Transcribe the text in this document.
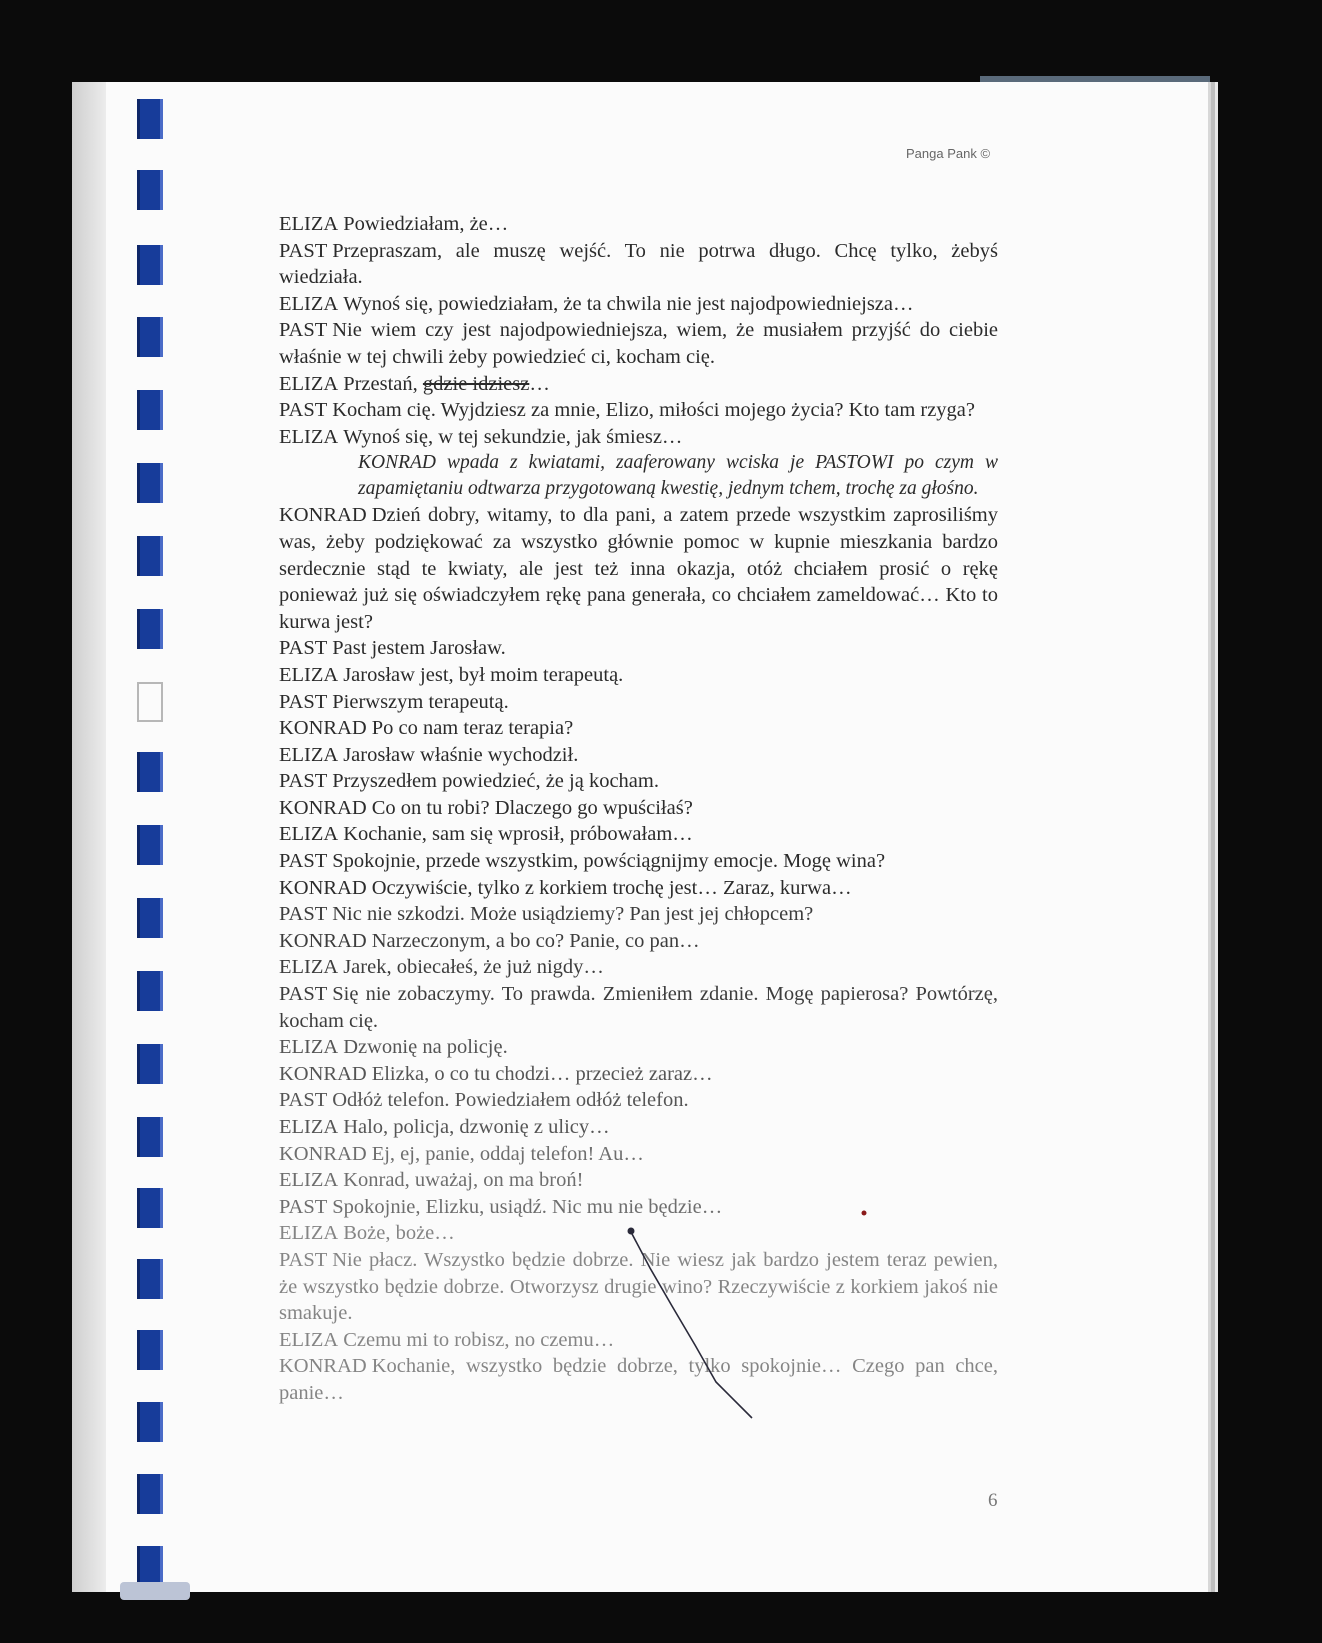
Panga Pank ©
ELIZA Powiedziałam, że…
PAST Przepraszam, ale muszę wejść. To nie potrwa długo. Chcę tylko, żebyś wiedziała.
ELIZA Wynoś się, powiedziałam, że ta chwila nie jest najodpowiedniejsza…
PAST Nie wiem czy jest najodpowiedniejsza, wiem, że musiałem przyjść do ciebie właśnie w tej chwili żeby powiedzieć ci, kocham cię.
ELIZA Przestań, gdzie idziesz…
PAST Kocham cię. Wyjdziesz za mnie, Elizo, miłości mojego życia? Kto tam rzyga?
ELIZA Wynoś się, w tej sekundzie, jak śmiesz…
KONRAD wpada z kwiatami, zaaferowany wciska je PASTOWI po czym w zapamiętaniu odtwarza przygotowaną kwestię, jednym tchem, trochę za głośno.
KONRAD Dzień dobry, witamy, to dla pani, a zatem przede wszystkim zaprosiliśmy was, żeby podziękować za wszystko głównie pomoc w kupnie mieszkania bardzo serdecznie stąd te kwiaty, ale jest też inna okazja, otóż chciałem prosić o rękę ponieważ już się oświadczyłem rękę pana generała, co chciałem zameldować… Kto to kurwa jest?
PAST Past jestem Jarosław.
ELIZA Jarosław jest, był moim terapeutą.
PAST Pierwszym terapeutą.
KONRAD Po co nam teraz terapia?
ELIZA Jarosław właśnie wychodził.
PAST Przyszedłem powiedzieć, że ją kocham.
KONRAD Co on tu robi? Dlaczego go wpuściłaś?
ELIZA Kochanie, sam się wprosił, próbowałam…
PAST Spokojnie, przede wszystkim, powściągnijmy emocje. Mogę wina?
KONRAD Oczywiście, tylko z korkiem trochę jest… Zaraz, kurwa…
PAST Nic nie szkodzi. Może usiądziemy? Pan jest jej chłopcem?
KONRAD Narzeczonym, a bo co? Panie, co pan…
ELIZA Jarek, obiecałeś, że już nigdy…
PAST Się nie zobaczymy. To prawda. Zmieniłem zdanie. Mogę papierosa? Powtórzę, kocham cię.
ELIZA Dzwonię na policję.
KONRAD Elizka, o co tu chodzi… przecież zaraz…
PAST Odłóż telefon. Powiedziałem odłóż telefon.
ELIZA Halo, policja, dzwonię z ulicy…
KONRAD Ej, ej, panie, oddaj telefon! Au…
ELIZA Konrad, uważaj, on ma broń!
PAST Spokojnie, Elizku, usiądź. Nic mu nie będzie…
ELIZA Boże, boże…
PAST Nie płacz. Wszystko będzie dobrze. Nie wiesz jak bardzo jestem teraz pewien, że wszystko będzie dobrze. Otworzysz drugie wino? Rzeczywiście z korkiem jakoś nie smakuje.
ELIZA Czemu mi to robisz, no czemu…
KONRAD Kochanie, wszystko będzie dobrze, tylko spokojnie… Czego pan chce, panie…
6
